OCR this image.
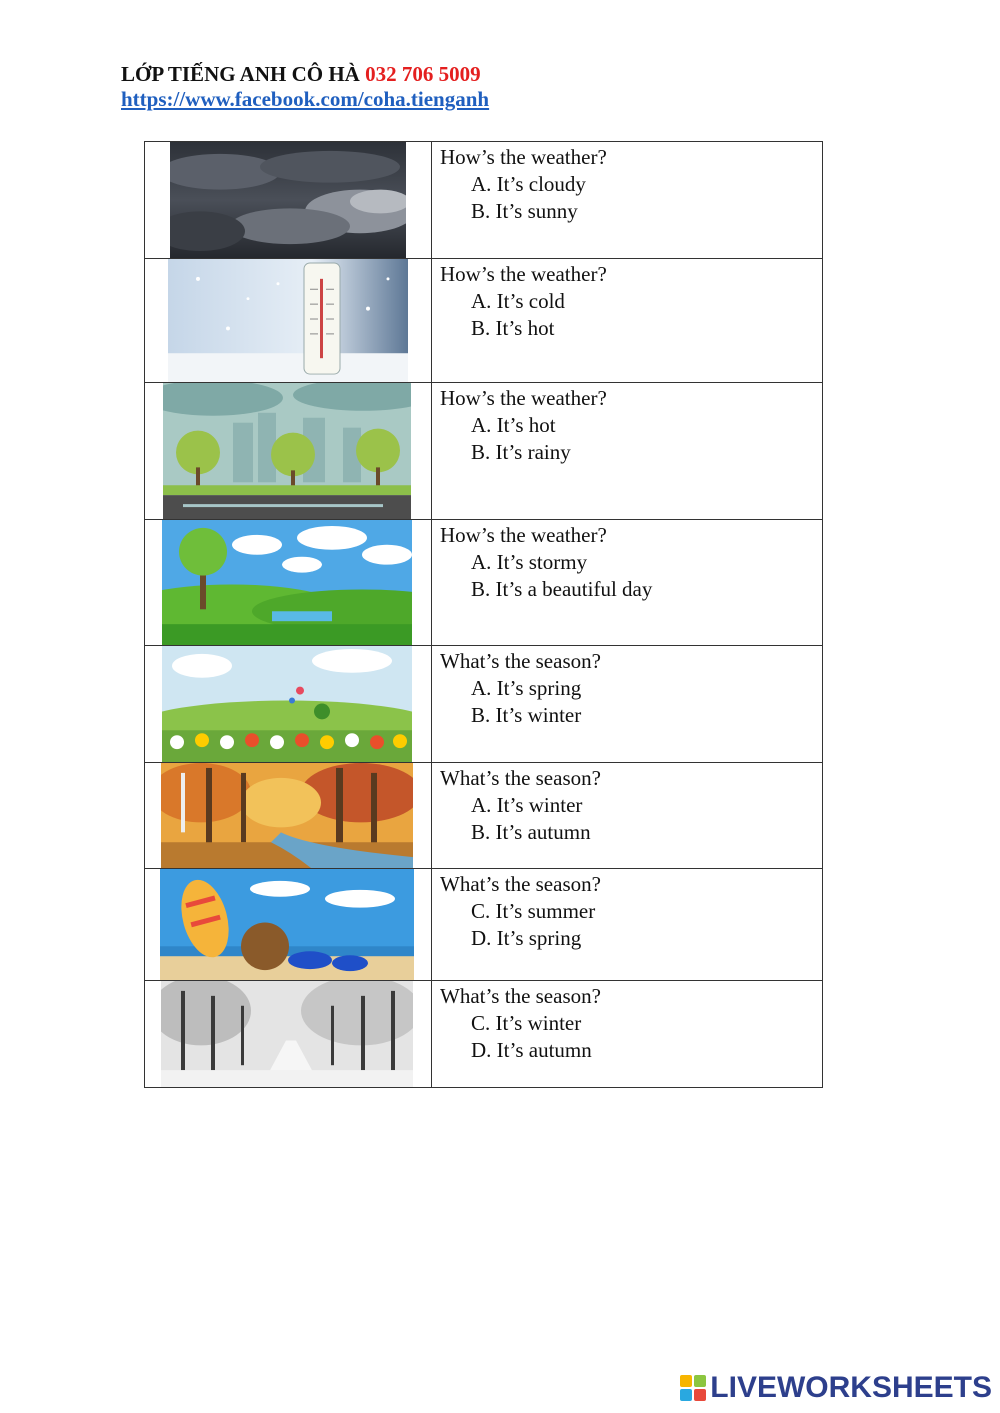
LỚP TIẾNG ANH CÔ HÀ 032 706 5009
https://www.facebook.com/coha.tienganh

How’s the weather?
A. It’s cloudy
B. It’s sunny

How’s the weather?
A. It’s cold
B. It’s hot

How’s the weather?
A. It’s hot
B. It’s rainy

How’s the weather?
A. It’s stormy
B. It’s a beautiful day

What’s the season?
A. It’s spring
B. It’s winter

What’s the season?
A. It’s winter
B. It’s autumn

What’s the season?
C. It’s summer
D. It’s spring

What’s the season?
C. It’s winter
D. It’s autumn
LIVEWORKSHEETS
